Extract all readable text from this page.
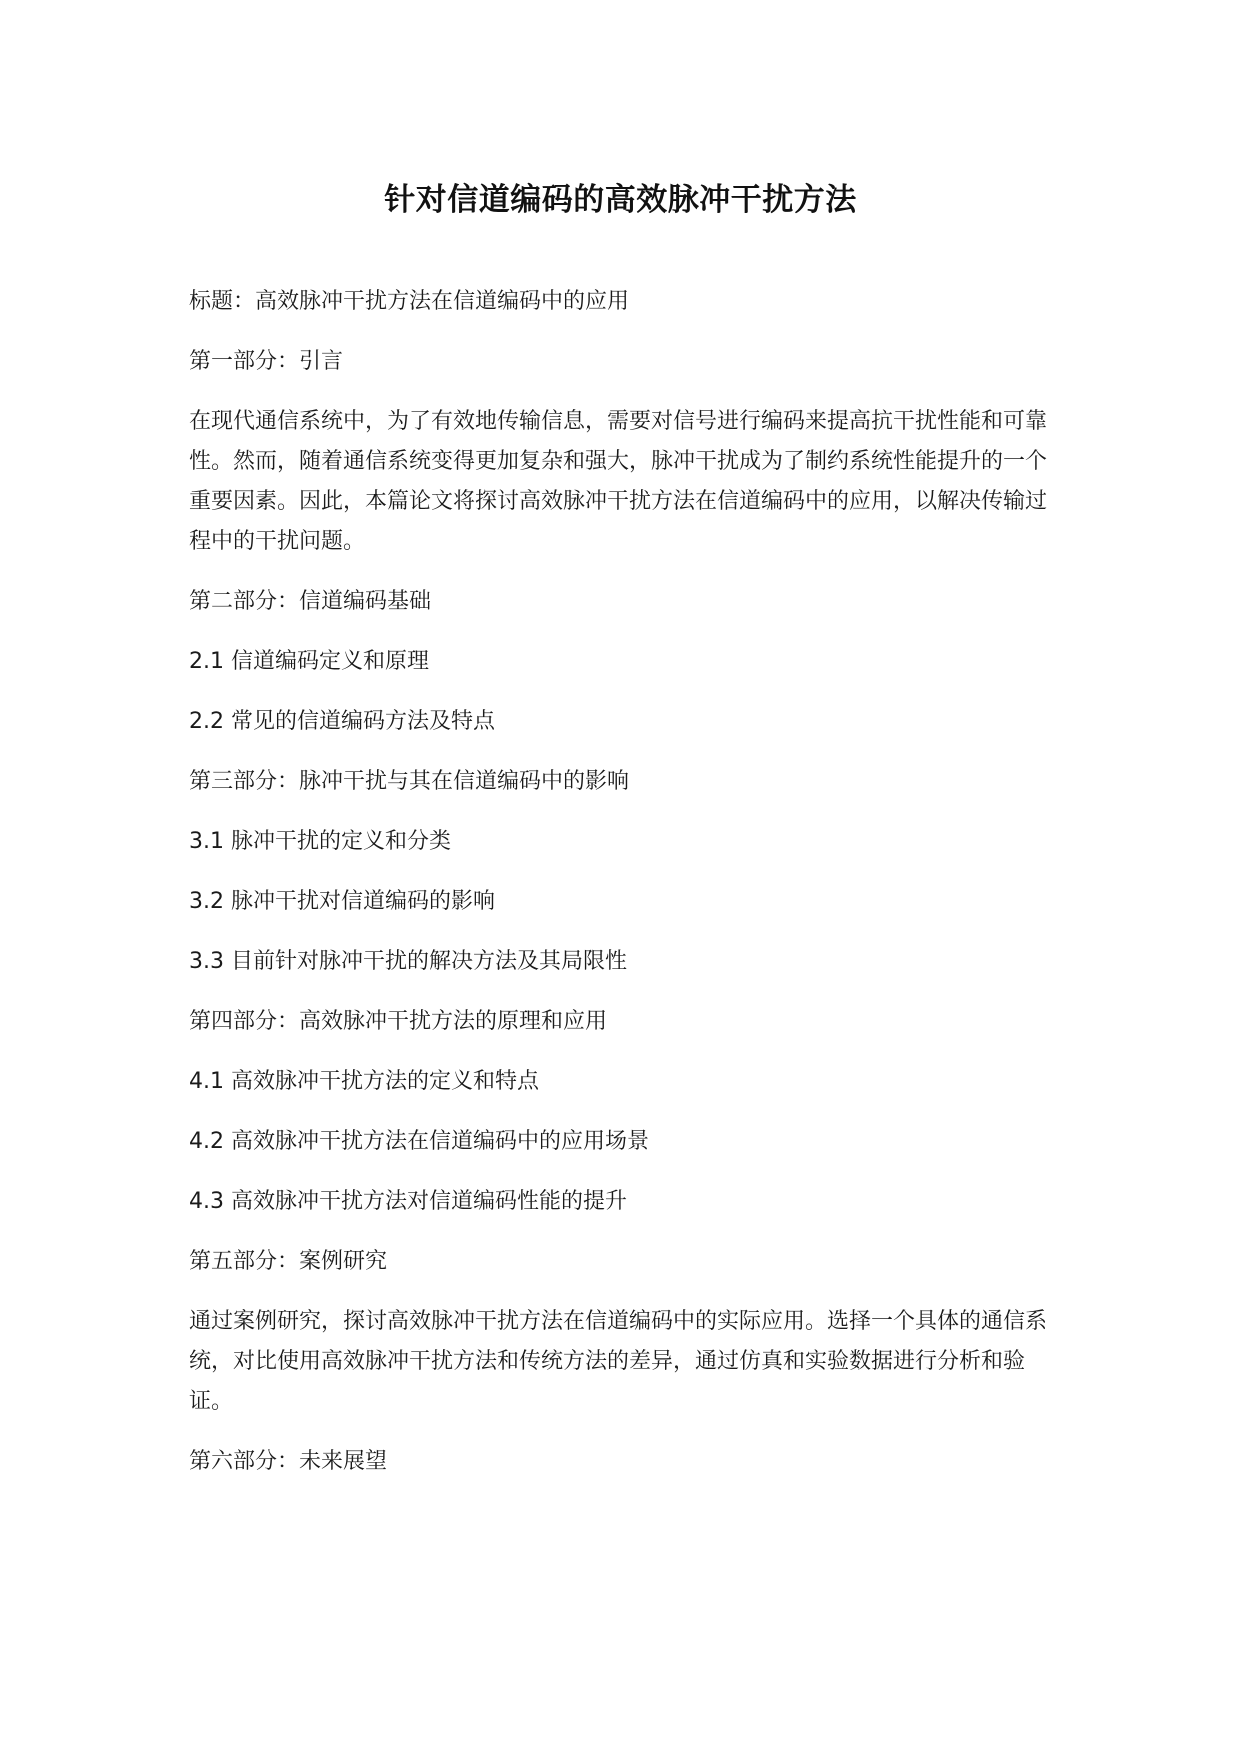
针对信道编码的高效脉冲干扰方法

标题：高效脉冲干扰方法在信道编码中的应用

第一部分：引言

在现代通信系统中，为了有效地传输信息，需要对信号进行编码来提高抗干扰性能和可靠性。然而，随着通信系统变得更加复杂和强大，脉冲干扰成为了制约系统性能提升的一个重要因素。因此，本篇论文将探讨高效脉冲干扰方法在信道编码中的应用，以解决传输过程中的干扰问题。

第二部分：信道编码基础

2.1 信道编码定义和原理

2.2 常见的信道编码方法及特点

第三部分：脉冲干扰与其在信道编码中的影响

3.1 脉冲干扰的定义和分类

3.2 脉冲干扰对信道编码的影响

3.3 目前针对脉冲干扰的解决方法及其局限性

第四部分：高效脉冲干扰方法的原理和应用

4.1 高效脉冲干扰方法的定义和特点

4.2 高效脉冲干扰方法在信道编码中的应用场景

4.3 高效脉冲干扰方法对信道编码性能的提升

第五部分：案例研究

通过案例研究，探讨高效脉冲干扰方法在信道编码中的实际应用。选择一个具体的通信系统，对比使用高效脉冲干扰方法和传统方法的差异，通过仿真和实验数据进行分析和验证。

第六部分：未来展望
